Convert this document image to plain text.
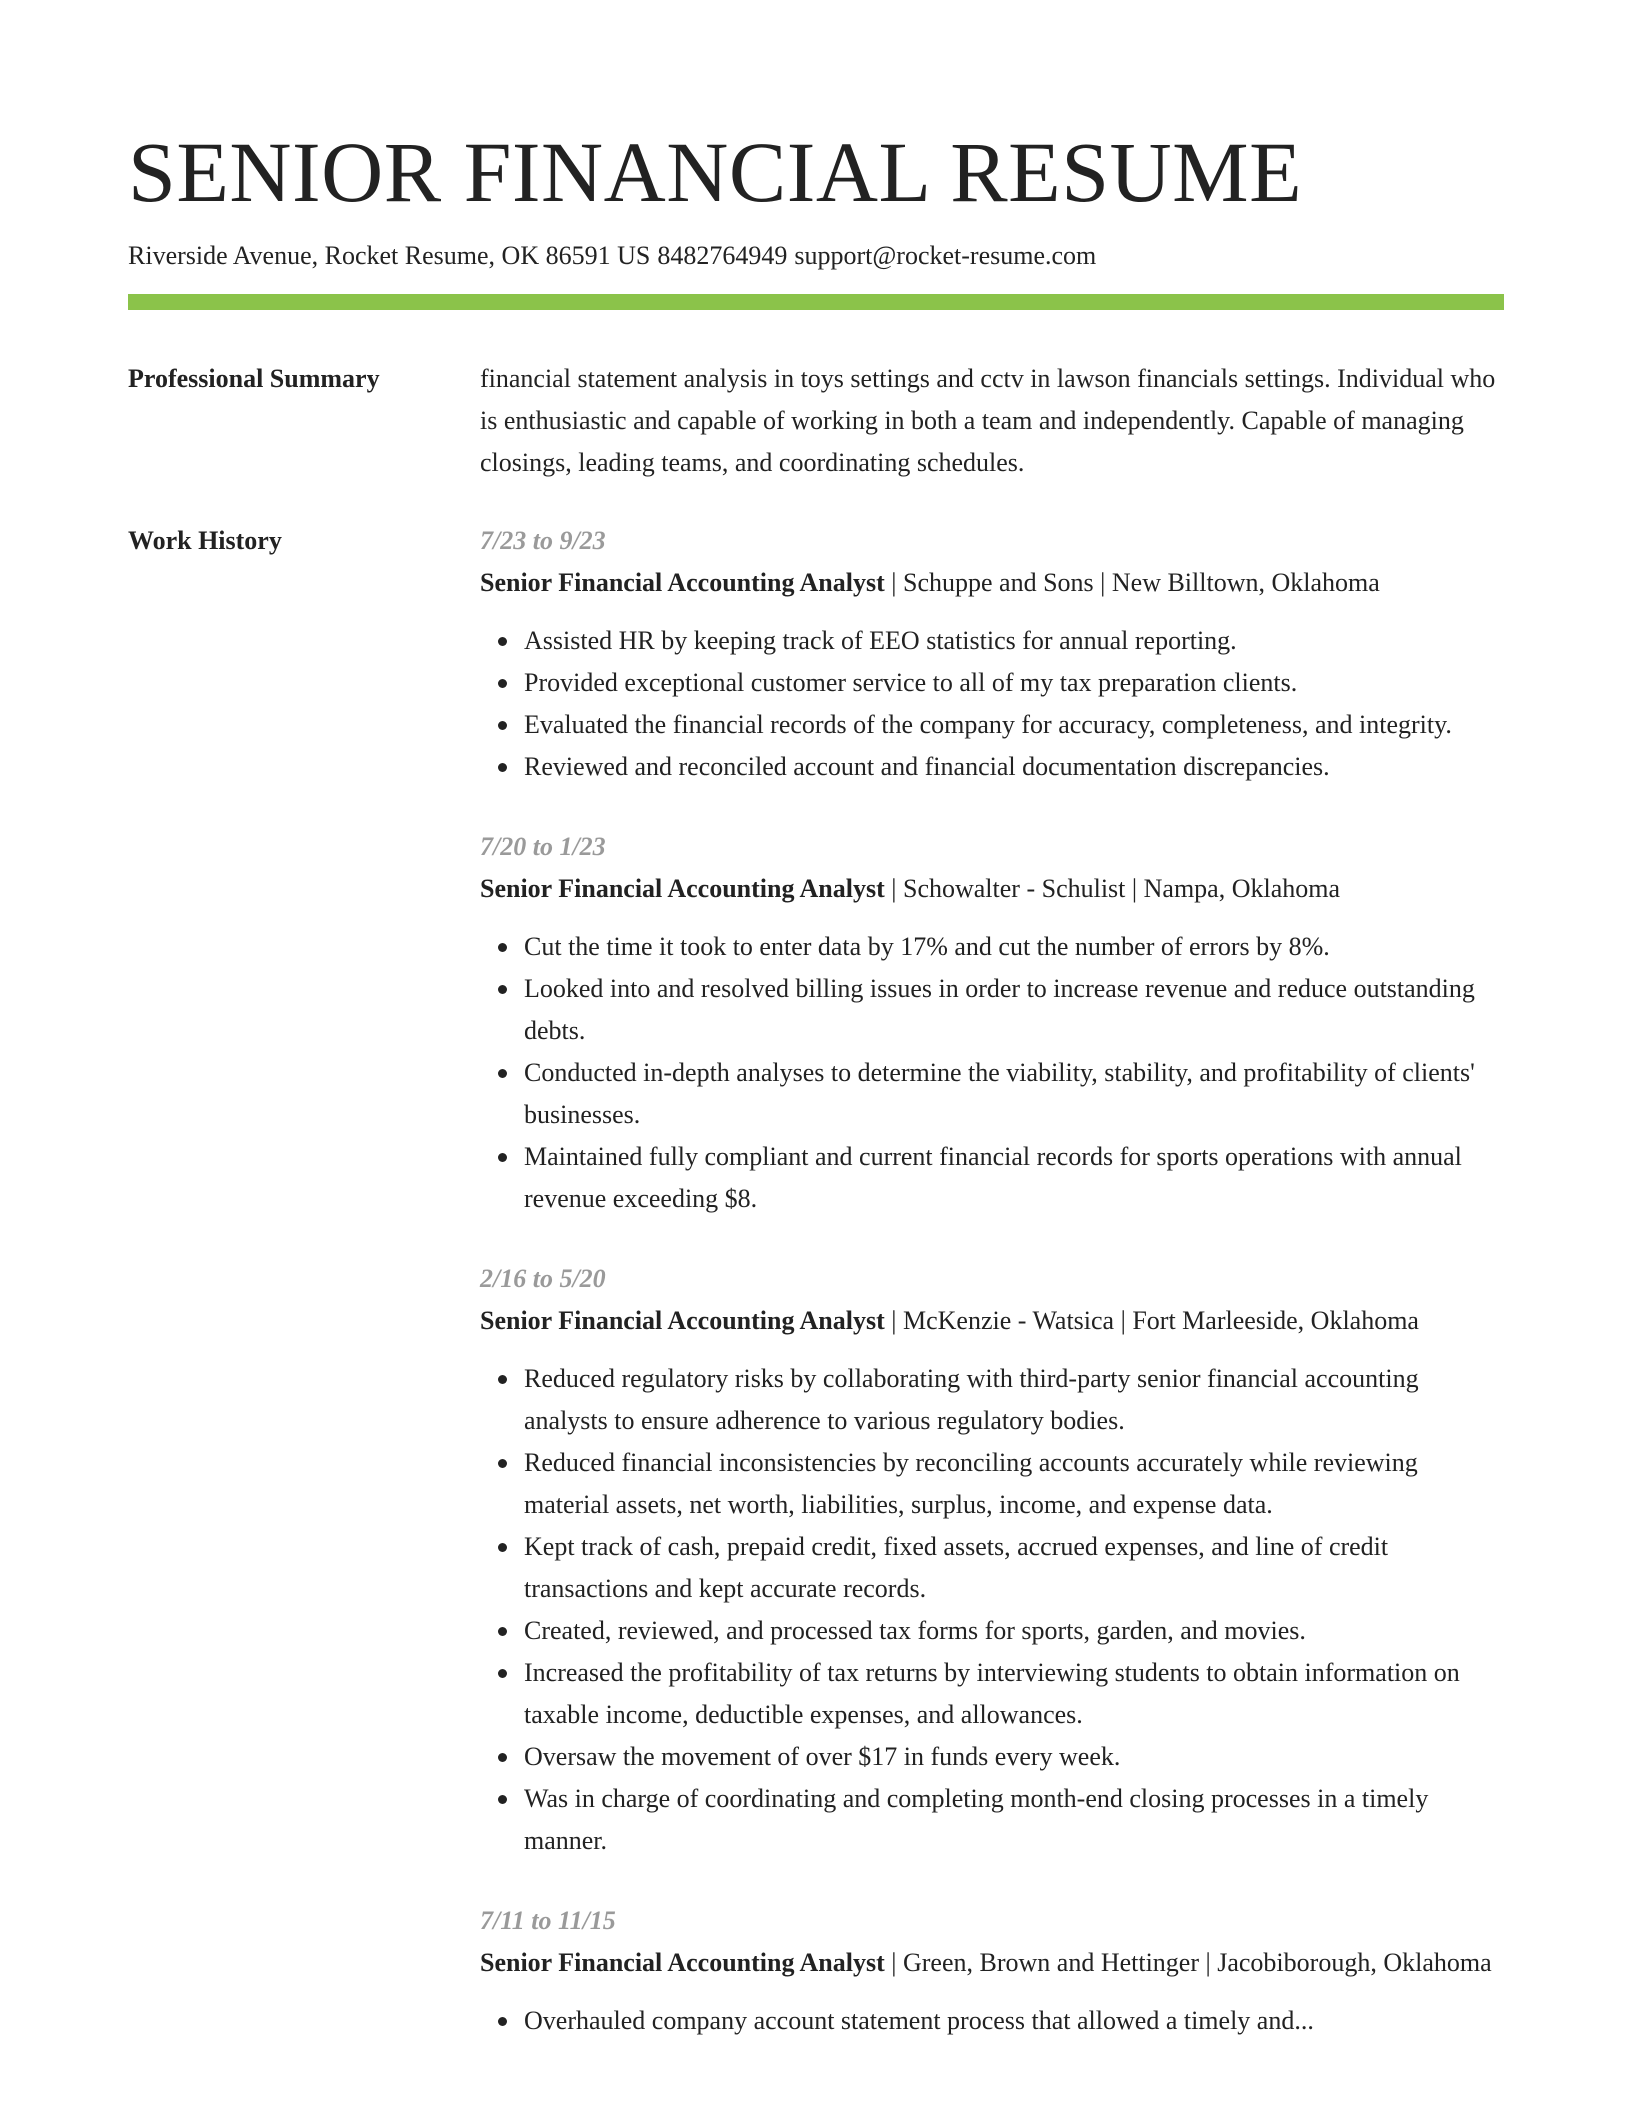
SENIOR FINANCIAL RESUME
Riverside Avenue, Rocket Resume, OK 86591 US 8482764949 support@rocket-resume.com
Professional Summary	financial statement analysis in toys settings and cctv in lawson financials settings. Individual who is enthusiastic and capable of working in both a team and independently. Capable of managing closings, leading teams, and coordinating schedules.

Work History	7/23 to 9/23
Senior Financial Accounting Analyst | Schuppe and Sons | New Billtown, Oklahoma
Assisted HR by keeping track of EEO statistics for annual reporting.
Provided exceptional customer service to all of my tax preparation clients.
Evaluated the financial records of the company for accuracy, completeness, and integrity.
Reviewed and reconciled account and financial documentation discrepancies.
7/20 to 1/23
Senior Financial Accounting Analyst | Schowalter - Schulist | Nampa, Oklahoma
Cut the time it took to enter data by 17% and cut the number of errors by 8%.
Looked into and resolved billing issues in order to increase revenue and reduce outstanding debts.
Conducted in-depth analyses to determine the viability, stability, and profitability of clients' businesses.
Maintained fully compliant and current financial records for sports operations with annual revenue exceeding $8.
2/16 to 5/20
Senior Financial Accounting Analyst | McKenzie - Watsica | Fort Marleeside, Oklahoma
Reduced regulatory risks by collaborating with third-party senior financial accounting analysts to ensure adherence to various regulatory bodies.
Reduced financial inconsistencies by reconciling accounts accurately while reviewing material assets, net worth, liabilities, surplus, income, and expense data.
Kept track of cash, prepaid credit, fixed assets, accrued expenses, and line of credit transactions and kept accurate records.
Created, reviewed, and processed tax forms for sports, garden, and movies.
Increased the profitability of tax returns by interviewing students to obtain information on taxable income, deductible expenses, and allowances.
Oversaw the movement of over $17 in funds every week.
Was in charge of coordinating and completing month-end closing processes in a timely manner.
7/11 to 11/15
Senior Financial Accounting Analyst | Green, Brown and Hettinger | Jacobiborough, Oklahoma
Overhauled company account statement process that allowed a timely and...
